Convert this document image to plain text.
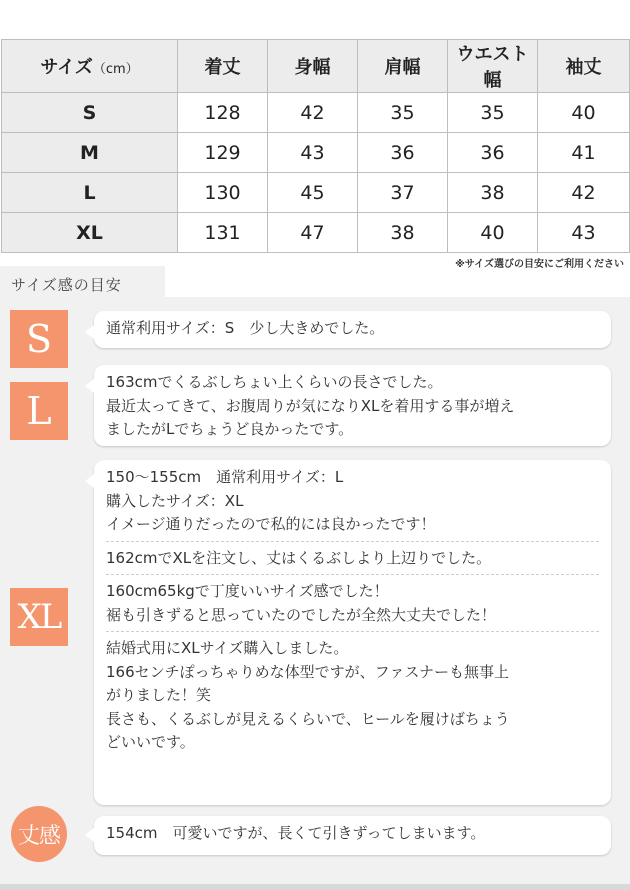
サイズ（cm）	着丈	身幅	肩幅	ウエスト幅	袖丈
S	128	42	35	35	40
M	129	43	36	36	41
L	130	45	37	38	42
XL	131	47	38	40	43
※サイズ選びの目安にご利用ください
サイズ感の目安
S	通常利用サイズ：S　少し大きめでした。
L
163cmでくるぶしちょい上くらいの長さでした。
最近太ってきて、お腹周りが気になりXLを着用する事が増え
ましたがLでちょうど良かったです。
XL
150〜155cm　通常利用サイズ：L
購入したサイズ：XL
イメージ通りだったので私的には良かったです！
162cmでXLを注文し、丈はくるぶしより上辺りでした。
160cm65kgで丁度いいサイズ感でした！
裾も引きずると思っていたのでしたが全然大丈夫でした！
結婚式用にXLサイズ購入しました。
166センチぽっちゃりめな体型ですが、ファスナーも無事上
がりました！笑
長さも、くるぶしが見えるくらいで、ヒールを履けばちょう
どいいです。
丈感	154cm　可愛いですが、長くて引きずってしまいます。
